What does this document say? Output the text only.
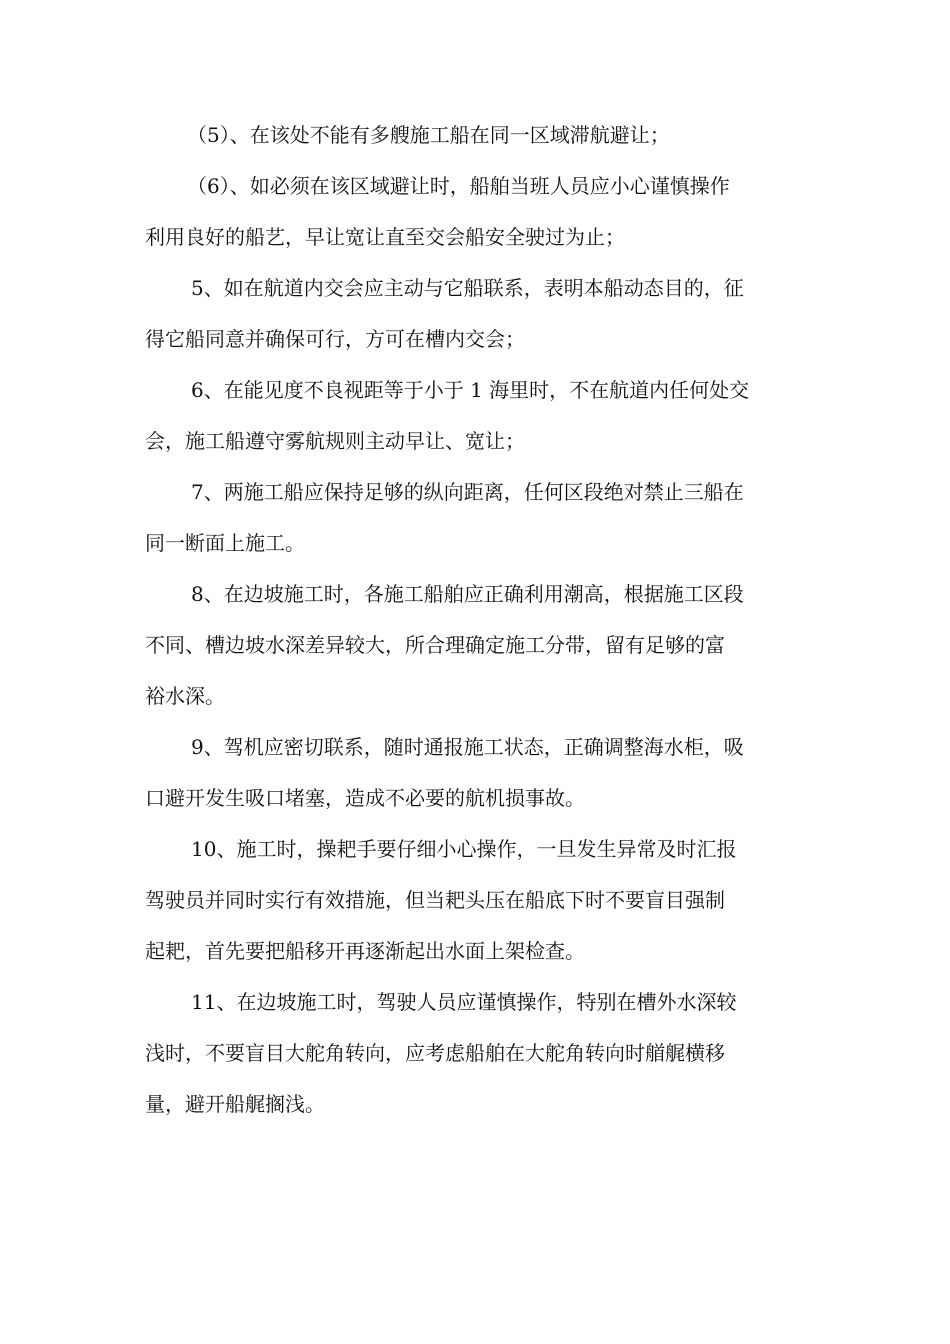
（5）、在该处不能有多艘施工船在同一区域滞航避让；
（6）、如必须在该区域避让时，船舶当班人员应小心谨慎操作
利用良好的船艺，早让宽让直至交会船安全驶过为止；
5、如在航道内交会应主动与它船联系，表明本船动态目的，征
得它船同意并确保可行，方可在槽内交会；
6、在能见度不良视距等于小于 1 海里时，不在航道内任何处交
会，施工船遵守雾航规则主动早让、宽让；
7、两施工船应保持足够的纵向距离，任何区段绝对禁止三船在
同一断面上施工。
8、在边坡施工时，各施工船舶应正确利用潮高，根据施工区段
不同、槽边坡水深差异较大，所合理确定施工分带，留有足够的富
裕水深。
9、驾机应密切联系，随时通报施工状态，正确调整海水柜，吸
口避开发生吸口堵塞，造成不必要的航机损事故。
10、施工时，操耙手要仔细小心操作，一旦发生异常及时汇报
驾驶员并同时实行有效措施，但当耙头压在船底下时不要盲目强制
起耙，首先要把船移开再逐渐起出水面上架检查。
11、在边坡施工时，驾驶人员应谨慎操作，特别在槽外水深较
浅时，不要盲目大舵角转向，应考虑船舶在大舵角转向时艏艉横移
量，避开船艉搁浅。
